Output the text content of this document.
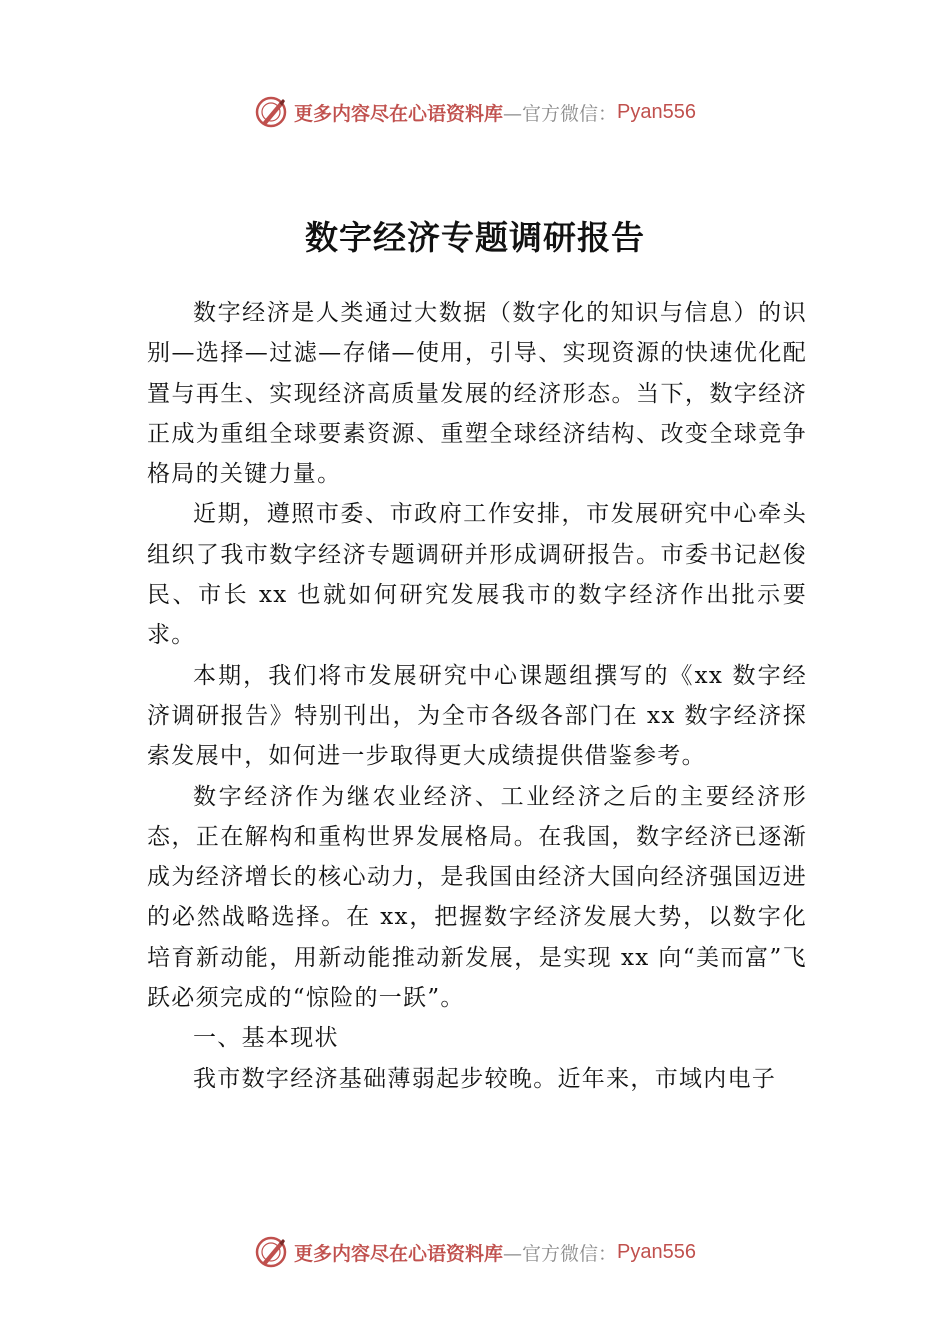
更多内容尽在心语资料库 —官方微信： Pyan556
数字经济专题调研报告

数字经济是人类通过大数据（数字化的知识与信息）的识别—选择—过滤—存储—使用，引导、实现资源的快速优化配置与再生、实现经济高质量发展的经济形态。当下，数字经济正成为重组全球要素资源、重塑全球经济结构、改变全球竞争格局的关键力量。

近期，遵照市委、市政府工作安排，市发展研究中心牵头组织了我市数字经济专题调研并形成调研报告。市委书记赵俊民、市长 xx 也就如何研究发展我市的数字经济作出批示要求。

本期，我们将市发展研究中心课题组撰写的《xx 数字经济调研报告》特别刊出，为全市各级各部门在 xx 数字经济探索发展中，如何进一步取得更大成绩提供借鉴参考。

数字经济作为继农业经济、工业经济之后的主要经济形态，正在解构和重构世界发展格局。在我国，数字经济已逐渐成为经济增长的核心动力，是我国由经济大国向经济强国迈进的必然战略选择。在 xx，把握数字经济发展大势，以数字化培育新动能，用新动能推动新发展，是实现 xx 向“美而富”飞跃必须完成的“惊险的一跃”。

一、基本现状

我市数字经济基础薄弱起步较晚。近年来，市域内电子

更多内容尽在心语资料库 —官方微信： Pyan556
